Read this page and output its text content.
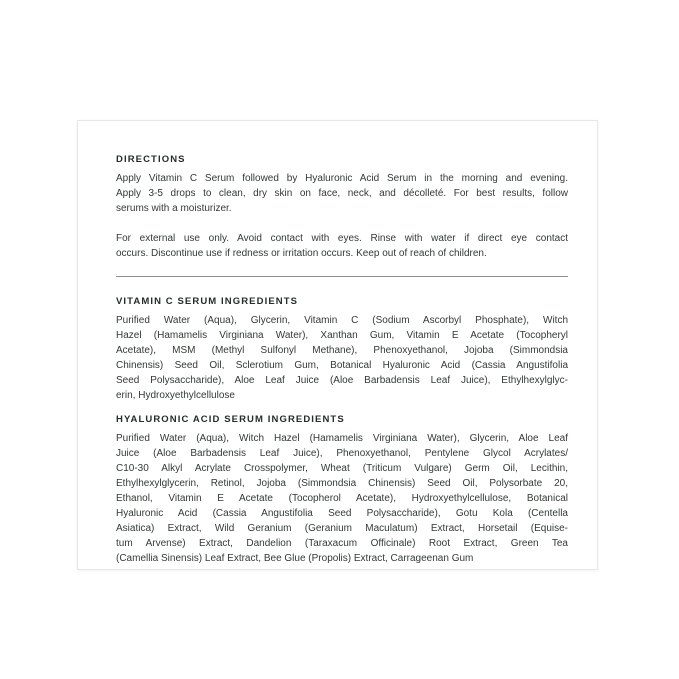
DIRECTIONS
Apply Vitamin C Serum followed by Hyaluronic Acid Serum in the morning and evening.
Apply 3-5 drops to clean, dry skin on face, neck, and décolleté. For best results, follow
serums with a moisturizer.
For external use only. Avoid contact with eyes. Rinse with water if direct eye contact
occurs. Discontinue use if redness or irritation occurs. Keep out of reach of children.
VITAMIN C SERUM INGREDIENTS
Purified Water (Aqua), Glycerin, Vitamin C (Sodium Ascorbyl Phosphate), Witch
Hazel (Hamamelis Virginiana Water), Xanthan Gum, Vitamin E Acetate (Tocopheryl
Acetate), MSM (Methyl Sulfonyl Methane), Phenoxyethanol, Jojoba (Simmondsia
Chinensis) Seed Oil, Sclerotium Gum, Botanical Hyaluronic Acid (Cassia Angustifolia
Seed Polysaccharide), Aloe Leaf Juice (Aloe Barbadensis Leaf Juice), Ethylhexylglyc-
erin, Hydroxyethylcellulose
HYALURONIC ACID SERUM INGREDIENTS
Purified Water (Aqua), Witch Hazel (Hamamelis Virginiana Water), Glycerin, Aloe Leaf
Juice (Aloe Barbadensis Leaf Juice), Phenoxyethanol, Pentylene Glycol Acrylates/
C10-30 Alkyl Acrylate Crosspolymer, Wheat (Triticum Vulgare) Germ Oil, Lecithin,
Ethylhexylglycerin, Retinol, Jojoba (Simmondsia Chinensis) Seed Oil, Polysorbate 20,
Ethanol, Vitamin E Acetate (Tocopherol Acetate), Hydroxyethylcellulose, Botanical
Hyaluronic Acid (Cassia Angustifolia Seed Polysaccharide), Gotu Kola (Centella
Asiatica) Extract, Wild Geranium (Geranium Maculatum) Extract, Horsetail (Equise-
tum Arvense) Extract, Dandelion (Taraxacum Officinale) Root Extract, Green Tea
(Camellia Sinensis) Leaf Extract, Bee Glue (Propolis) Extract, Carrageenan Gum
